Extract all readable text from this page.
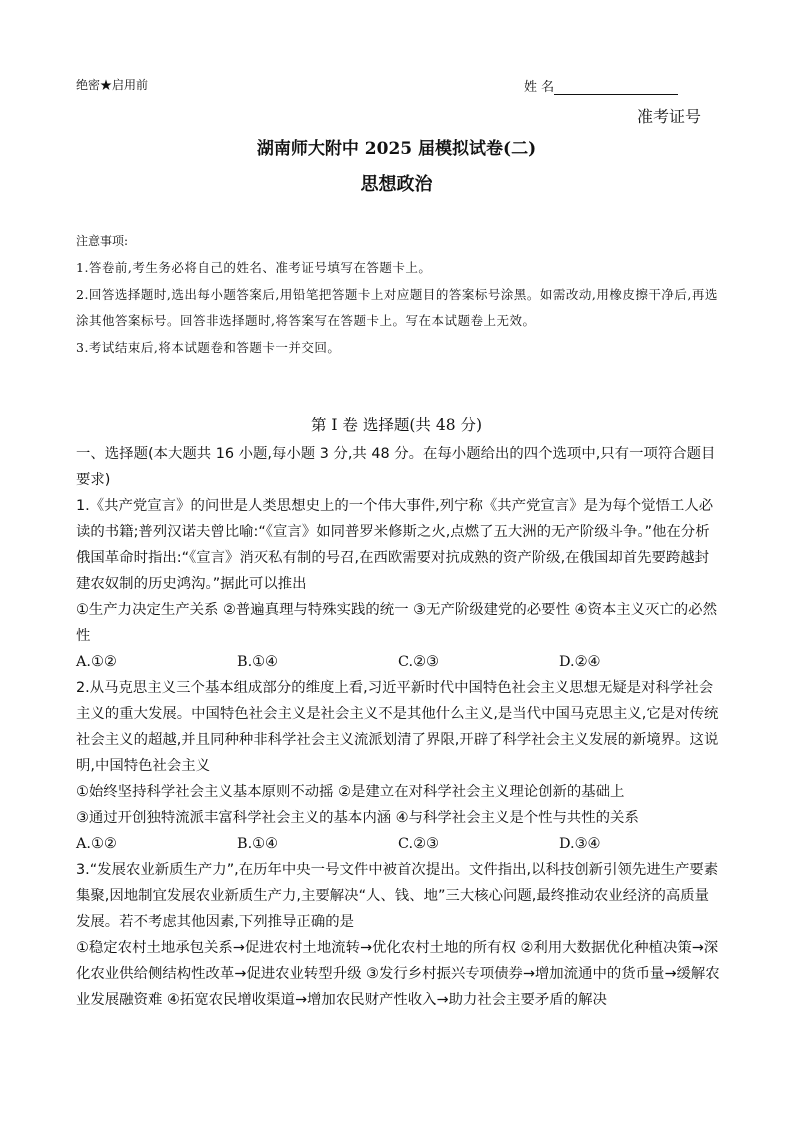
绝密★启用前	姓 名
准考证号
湖南师大附中 2025 届模拟试卷(二)
思想政治
注意事项:

1.答卷前,考生务必将自己的姓名、准考证号填写在答题卡上。

2.回答选择题时,选出每小题答案后,用铅笔把答题卡上对应题目的答案标号涂黑。如需改动,用橡皮擦干净后,再选涂其他答案标号。回答非选择题时,将答案写在答题卡上。写在本试题卷上无效。

3.考试结束后,将本试题卷和答题卡一并交回。

第 I 卷 选择题(共 48 分)

一、选择题(本大题共 16 小题,每小题 3 分,共 48 分。在每小题给出的四个选项中,只有一项符合题目要求)

1.《共产党宣言》的问世是人类思想史上的一个伟大事件,列宁称《共产党宣言》是为每个觉悟工人必读的书籍;普列汉诺夫曾比喻:“《宣言》如同普罗米修斯之火,点燃了五大洲的无产阶级斗争。”他在分析俄国革命时指出:“《宣言》消灭私有制的号召,在西欧需要对抗成熟的资产阶级,在俄国却首先要跨越封建农奴制的历史鸿沟。”据此可以推出

①生产力决定生产关系 ②普遍真理与特殊实践的统一 ③无产阶级建党的必要性 ④资本主义灭亡的必然性

A.①②	B.①④	C.②③	D.②④

2.从马克思主义三个基本组成部分的维度上看,习近平新时代中国特色社会主义思想无疑是对科学社会主义的重大发展。中国特色社会主义是社会主义不是其他什么主义,是当代中国马克思主义,它是对传统社会主义的超越,并且同种种非科学社会主义流派划清了界限,开辟了科学社会主义发展的新境界。这说明,中国特色社会主义

①始终坚持科学社会主义基本原则不动摇 ②是建立在对科学社会主义理论创新的基础上

③通过开创独特流派丰富科学社会主义的基本内涵 ④与科学社会主义是个性与共性的关系

A.①②	B.①④	C.②③	D.③④

3.“发展农业新质生产力”,在历年中央一号文件中被首次提出。文件指出,以科技创新引领先进生产要素集聚,因地制宜发展农业新质生产力,主要解决“人、钱、地”三大核心问题,最终推动农业经济的高质量发展。若不考虑其他因素,下列推导正确的是

①稳定农村土地承包关系→促进农村土地流转→优化农村土地的所有权 ②利用大数据优化种植决策→深化农业供给侧结构性改革→促进农业转型升级 ③发行乡村振兴专项债券→增加流通中的货币量→缓解农业发展融资难 ④拓宽农民增收渠道→增加农民财产性收入→助力社会主要矛盾的解决
